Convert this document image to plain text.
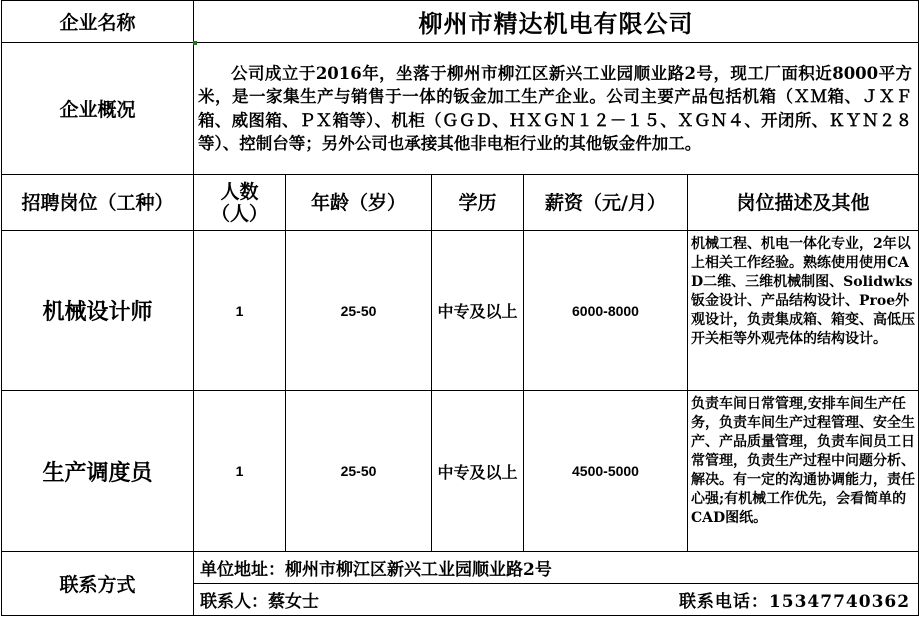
企业名称	柳州市精达机电有限公司				
企业概况	公司成立于2016年，坐落于柳州市柳江区新兴工业园顺业路2号，现工厂面积近8000平方米，是一家集生产与销售于一体的钣金加工生产企业。公司主要产品包括机箱（ＸＭ箱、ＪＸＦ箱、威图箱、ＰＸ箱等）、机柜（ＧＧＤ、ＨＸＧＮ１２－１５、ＸＧＮ４、开闭所、ＫＹＮ２８等）、控制台等；另外公司也承接其他非电柜行业的其他钣金件加工。				
招聘岗位（工种）	人数（人）	年龄（岁）	学历	薪资（元/月）	岗位描述及其他
机械设计师	1	25-50	中专及以上	6000-8000	机械工程、机电一体化专业，2年以上相关工作经验。熟练使用使用CAD二维、三维机械制图、Solidwks钣金设计、产品结构设计、Proe外观设计，负责集成箱、箱变、高低压开关柜等外观壳体的结构设计。
生产调度员	1	25-50	中专及以上	4500-5000	负责车间日常管理,安排车间生产任务，负责车间生产过程管理、安全生产、产品质量管理，负责车间员工日常管理，负责生产过程中问题分析、解决。有一定的沟通协调能力，责任心强;有机械工作优先，会看简单的CAD图纸。
联系方式	单位地址：柳州市柳江区新兴工业园顺业路2号				

	联系人：蔡女士 联系电话：15347740362				
